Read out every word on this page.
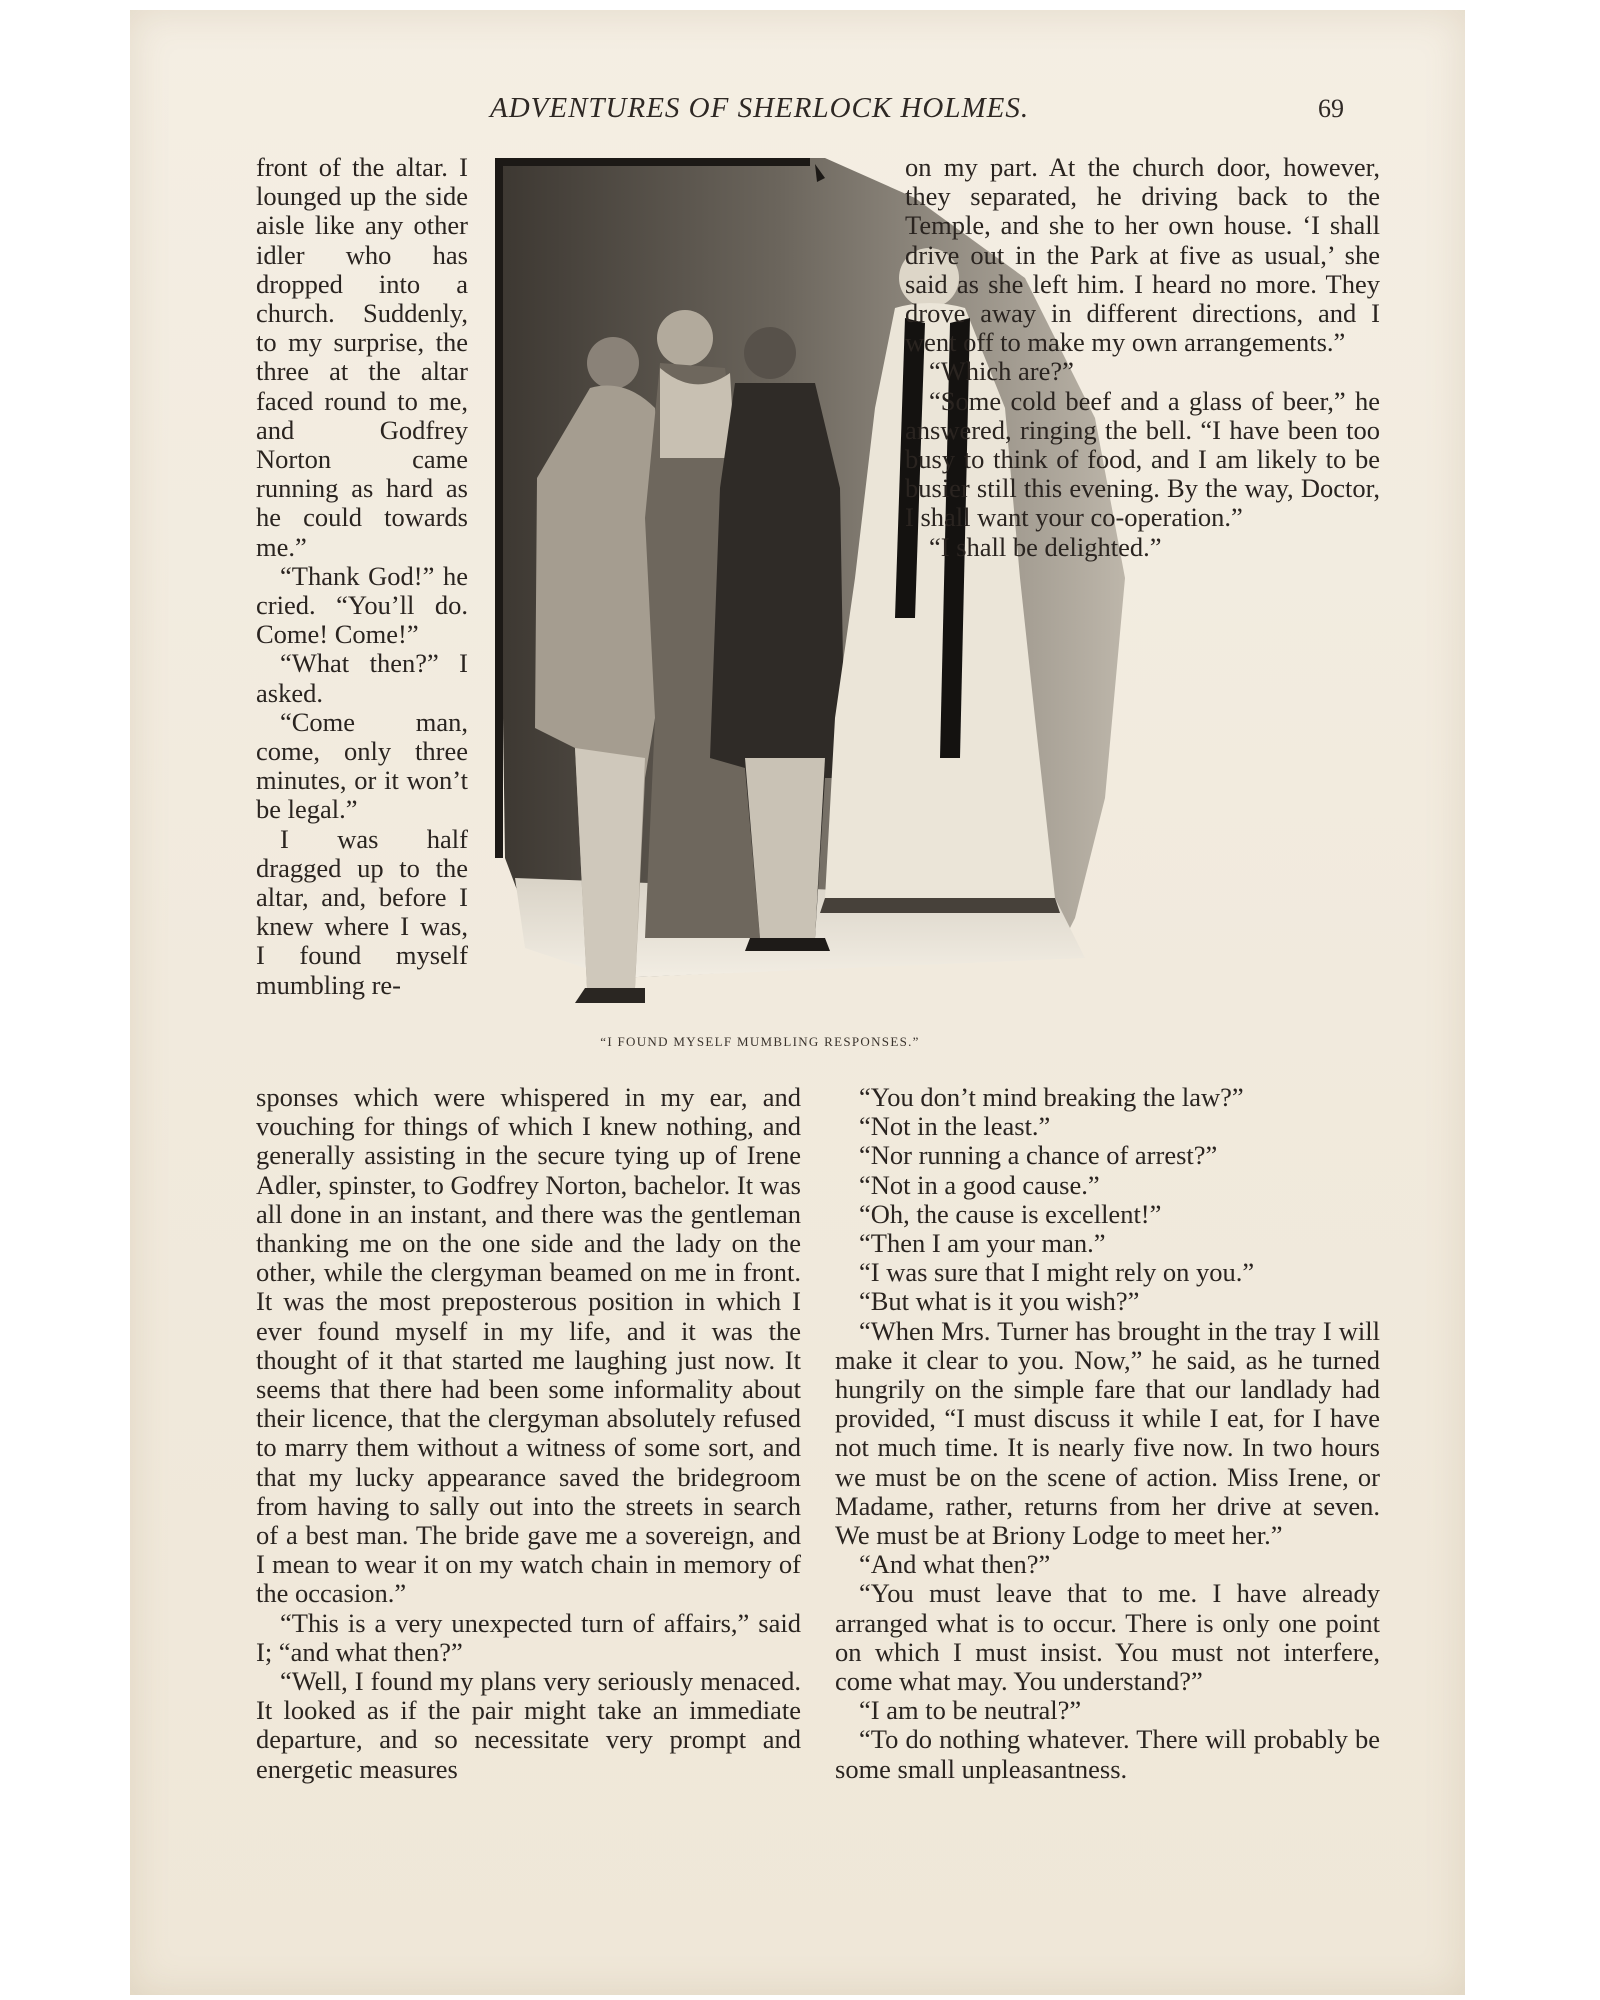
ADVENTURES OF SHERLOCK HOLMES.	69

front of the altar. I lounged up the side aisle like any other idler who has dropped into a church. Suddenly, to my surprise, the three at the altar faced round to me, and Godfrey Norton came running as hard as he could towards me.”

“Thank God!” he cried. “You’ll do. Come! Come!”

“What then?” I asked.

“Come man, come, only three minutes, or it won’t be legal.”

I was half dragged up to the altar, and, before I knew where I was, I found myself mumbling re-

“I FOUND MYSELF MUMBLING RESPONSES.”

on my part. At the church door, however, they separated, he driving back to the Temple, and she to her own house. ‘I shall drive out in the Park at five as usual,’ she said as she left him. I heard no more. They drove away in different directions, and I went off to make my own arrangements.”

“Which are?”

“Some cold beef and a glass of beer,” he answered, ringing the bell. “I have been too busy to think of food, and I am likely to be busier still this evening. By the way, Doctor, I shall want your co-operation.”

“I shall be delighted.”

sponses which were whispered in my ear, and vouching for things of which I knew nothing, and generally assisting in the secure tying up of Irene Adler, spinster, to Godfrey Norton, bachelor. It was all done in an instant, and there was the gentleman thanking me on the one side and the lady on the other, while the clergyman beamed on me in front. It was the most preposterous position in which I ever found myself in my life, and it was the thought of it that started me laughing just now. It seems that there had been some informality about their licence, that the clergyman absolutely refused to marry them without a witness of some sort, and that my lucky appearance saved the bridegroom from having to sally out into the streets in search of a best man. The bride gave me a sovereign, and I mean to wear it on my watch chain in memory of the occasion.”

“This is a very unexpected turn of affairs,” said I; “and what then?”

“Well, I found my plans very seriously menaced. It looked as if the pair might take an immediate departure, and so necessitate very prompt and energetic measures

“You don’t mind breaking the law?”

“Not in the least.”

“Nor running a chance of arrest?”

“Not in a good cause.”

“Oh, the cause is excellent!”

“Then I am your man.”

“I was sure that I might rely on you.”

“But what is it you wish?”

“When Mrs. Turner has brought in the tray I will make it clear to you. Now,” he said, as he turned hungrily on the simple fare that our landlady had provided, “I must discuss it while I eat, for I have not much time. It is nearly five now. In two hours we must be on the scene of action. Miss Irene, or Madame, rather, returns from her drive at seven. We must be at Briony Lodge to meet her.”

“And what then?”

“You must leave that to me. I have already arranged what is to occur. There is only one point on which I must insist. You must not interfere, come what may. You understand?”

“I am to be neutral?”

“To do nothing whatever. There will probably be some small unpleasantness.
